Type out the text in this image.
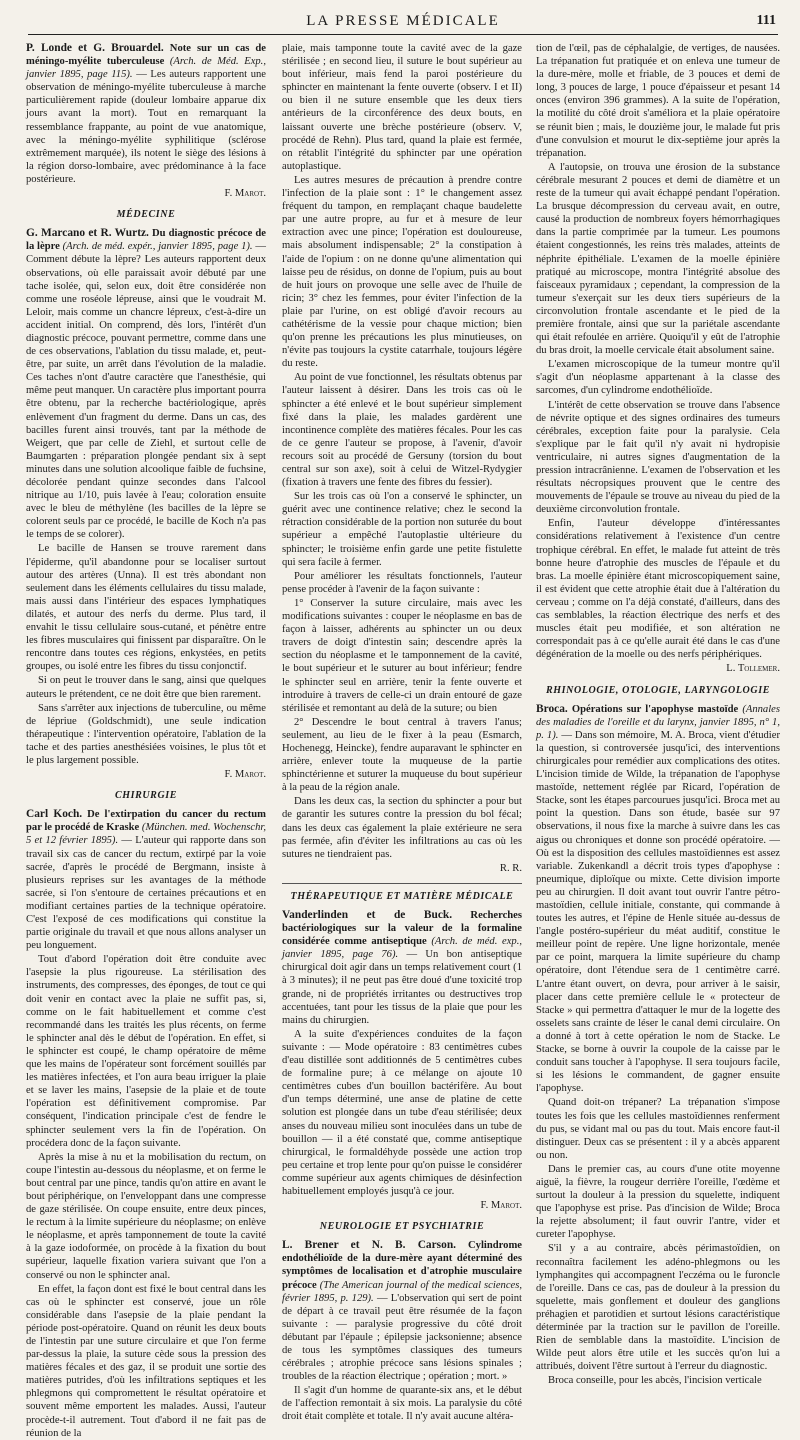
LA PRESSE MÉDICALE	111

P. Londe et G. Brouardel. Note sur un cas de méningo-myélite tuberculeuse (Arch. de Méd. Exp., janvier 1895, page 115). — Les auteurs rapportent une observation de méningo-myélite tuberculeuse à marche particulièrement rapide (douleur lombaire apparue dix jours avant la mort). Tout en remarquant la ressemblance frappante, au point de vue anatomique, avec la méningo-myélite syphilitique (sclérose extrêmement marquée), ils notent le siège des lésions à la région dorso-lombaire, avec prédominance à la face postérieure.

F. Marot.
MÉDECINE

G. Marcano et R. Wurtz. Du diagnostic précoce de la lèpre (Arch. de méd. expér., janvier 1895, page 1). — Comment débute la lèpre? Les auteurs rapportent deux observations, où elle paraissait avoir débuté par une tache isolée, qui, selon eux, doit être considérée non comme une roséole lépreuse, ainsi que le voudrait M. Leloir, mais comme un chancre lépreux, c'est-à-dire un accident initial. On comprend, dès lors, l'intérêt d'un diagnostic précoce, pouvant permettre, comme dans une de ces observations, l'ablation du tissu malade, et, peut-être, par suite, un arrêt dans l'évolution de la maladie. Ces taches n'ont d'autre caractère que l'anesthésie, qui même peut manquer. Un caractère plus important pourra être obtenu, par la recherche bactériologique, après enlèvement d'un fragment du derme. Dans un cas, des bacilles furent ainsi trouvés, tant par la méthode de Weigert, que par celle de Ziehl, et surtout celle de Baumgarten : préparation plongée pendant six à sept minutes dans une solution alcoolique faible de fuchsine, décolorée pendant quinze secondes dans l'alcool nitrique au 1/10, puis lavée à l'eau; coloration ensuite avec le bleu de méthylène (les bacilles de la lèpre se colorent seuls par ce procédé, le bacille de Koch n'a pas le temps de se colorer).

Le bacille de Hansen se trouve rarement dans l'épiderme, qu'il abandonne pour se localiser surtout autour des artères (Unna). Il est très abondant non seulement dans les éléments cellulaires du tissu malade, mais aussi dans l'intérieur des espaces lymphatiques dilatés, et autour des nerfs du derme. Plus tard, il envahit le tissu cellulaire sous-cutané, et pénètre entre les fibres musculaires qui finissent par disparaître. On le rencontre dans toutes ces régions, enkystées, en petits groupes, ou isolé entre les fibres du tissu conjonctif.

Si on peut le trouver dans le sang, ainsi que quelques auteurs le prétendent, ce ne doit être que bien rarement.

Sans s'arrêter aux injections de tuberculine, ou même de lépriue (Goldschmidt), une seule indication thérapeutique : l'intervention opératoire, l'ablation de la tache et des parties anesthésiées voisines, le plus tôt et le plus largement possible.

F. Marot.
CHIRURGIE

Carl Koch. De l'extirpation du cancer du rectum par le procédé de Kraske (München. med. Wochenschr, 5 et 12 février 1895). — L'auteur qui rapporte dans son travail six cas de cancer du rectum, extirpé par la voie sacrée, d'après le procédé de Bergmann, insiste à plusieurs reprises sur les avantages de la méthode sacrée, si l'on s'entoure de certaines précautions et en modifiant certaines parties de la technique opératoire. C'est l'exposé de ces modifications qui constitue la partie originale du travail et que nous allons analyser un peu longuement.

Tout d'abord l'opération doit être conduite avec l'asepsie la plus rigoureuse. La stérilisation des instruments, des compresses, des éponges, de tout ce qui doit venir en contact avec la plaie ne suffit pas, si, comme on le fait habituellement et comme c'est recommandé dans les traités les plus récents, on ferme le sphincter anal dès le début de l'opération. En effet, si le sphincter est coupé, le champ opératoire de même que les mains de l'opérateur sont forcément souillés par les matières infectées, et l'on aura beau irriguer la plaie et se laver les mains, l'asepsie de la plaie et de toute l'opération est définitivement compromise. Par conséquent, l'indication principale c'est de fendre le sphincter seulement vers la fin de l'opération. On procédera donc de la façon suivante.

Après la mise à nu et la mobilisation du rectum, on coupe l'intestin au-dessous du néoplasme, et on ferme le bout central par une pince, tandis qu'on attire en avant le bout périphérique, on l'enveloppant dans une compresse de gaze stérilisée. On coupe ensuite, entre deux pinces, le rectum à la limite supérieure du néoplasme; on enlève le néoplasme, et après tamponnement de toute la cavité à la gaze iodoformée, on procède à la fixation du bout supérieur, laquelle fixation variera suivant que l'on a conservé ou non le sphincter anal.

En effet, la façon dont est fixé le bout central dans les cas où le sphincter est conservé, joue un rôle considérable dans l'asepsie de la plaie pendant la période post-opératoire. Quand on réunit les deux bouts de l'intestin par une suture circulaire et que l'on ferme par-dessus la plaie, la suture cède sous la pression des matières fécales et des gaz, il se produit une sortie des matières putrides, d'où les infiltrations septiques et les phlegmons qui compromettent le résultat opératoire et souvent même emportent les malades. Aussi, l'auteur procède-t-il autrement. Tout d'abord il ne fait pas de réunion de la

plaie, mais tamponne toute la cavité avec de la gaze stérilisée ; en second lieu, il suture le bout supérieur au bout inférieur, mais fend la paroi postérieure du sphincter en maintenant la fente ouverte (observ. I et II) ou bien il ne suture ensemble que les deux tiers antérieurs de la circonférence des deux bouts, en laissant ouverte une brèche postérieure (observ. V, procédé de Rehn). Plus tard, quand la plaie est fermée, on rétablit l'intégrité du sphincter par une opération autoplastique.

Les autres mesures de précaution à prendre contre l'infection de la plaie sont : 1° le changement assez fréquent du tampon, en remplaçant chaque baudelette par une autre propre, au fur et à mesure de leur extraction avec une pince; l'opération est douloureuse, mais absolument indispensable; 2° la constipation à l'aide de l'opium : on ne donne qu'une alimentation qui laisse peu de résidus, on donne de l'opium, puis au bout de huit jours on provoque une selle avec de l'huile de ricin; 3° chez les femmes, pour éviter l'infection de la plaie par l'urine, on est obligé d'avoir recours au cathétérisme de la vessie pour chaque miction; bien qu'on prenne les précautions les plus minutieuses, on n'évite pas toujours la cystite catarrhale, toujours légère du reste.

Au point de vue fonctionnel, les résultats obtenus par l'auteur laissent à désirer. Dans les trois cas où le sphincter a été enlevé et le bout supérieur simplement fixé dans la plaie, les malades gardèrent une incontinence complète des matières fécales. Pour les cas de ce genre l'auteur se propose, à l'avenir, d'avoir recours soit au procédé de Gersuny (torsion du bout central sur son axe), soit à celui de Witzel-Rydygier (fixation à travers une fente des fibres du fessier).

Sur les trois cas où l'on a conservé le sphincter, un guérit avec une continence relative; chez le second la rétraction considérable de la portion non suturée du bout supérieur a empêché l'autoplastie ultérieure du sphincter; le troisième enfin garde une petite fistulette qui sera facile à fermer.

Pour améliorer les résultats fonctionnels, l'auteur pense procéder à l'avenir de la façon suivante :

1° Conserver la suture circulaire, mais avec les modifications suivantes : couper le néoplasme en bas de façon à laisser, adhérents au sphincter un ou deux travers de doigt d'intestin sain; descendre après la section du néoplasme et le tamponnement de la cavité, le bout supérieur et le suturer au bout inférieur; fendre le sphincter seul en arrière, tenir la fente ouverte et introduire à travers de celle-ci un drain entouré de gaze stérilisée et remontant au delà de la suture; ou bien

2° Descendre le bout central à travers l'anus; seulement, au lieu de le fixer à la peau (Esmarch, Hochenegg, Heincke), fendre auparavant le sphincter en arrière, enlever toute la muqueuse de la partie sphinctérienne et suturer la muqueuse du bout supérieur à la peau de la région anale.

Dans les deux cas, la section du sphincter a pour but de garantir les sutures contre la pression du bol fécal; dans les deux cas également la plaie extérieure ne sera pas fermée, afin d'éviter les infiltrations au cas où les sutures ne tiendraient pas.

R. R.
THÉRAPEUTIQUE ET MATIÈRE MÉDICALE

Vanderlinden et de Buck. Recherches bactériologiques sur la valeur de la formaline considérée comme antiseptique (Arch. de méd. exp., janvier 1895, page 76). — Un bon antiseptique chirurgical doit agir dans un temps relativement court (1 à 3 minutes); il ne peut pas être doué d'une toxicité trop grande, ni de propriétés irritantes ou destructives trop accentuées, tant pour les tissus de la plaie que pour les mains du chirurgien.

A la suite d'expériences conduites de la façon suivante : — Mode opératoire : 83 centimètres cubes d'eau distillée sont additionnés de 5 centimètres cubes de formaline pure; à ce mélange on ajoute 10 centimètres cubes d'un bouillon bactérifère. Au bout d'un temps déterminé, une anse de platine de cette solution est plongée dans un tube d'eau stérilisée; deux anses du nouveau milieu sont inoculées dans un tube de bouillon — il a été constaté que, comme antiseptique chirurgical, le formaldéhyde possède une action trop peu certaine et trop lente pour qu'on puisse le considérer comme supérieur aux agents chimiques de désinfection habituellement employés jusqu'à ce jour.

F. Marot.
NEUROLOGIE ET PSYCHIATRIE

L. Brener et N. B. Carson. Cylindrome endothélioïde de la dure-mère ayant déterminé des symptômes de localisation et d'atrophie musculaire précoce (The American journal of the medical sciences, février 1895, p. 129). — L'observation qui sert de point de départ à ce travail peut être résumée de la façon suivante : — paralysie progressive du côté droit débutant par l'épaule ; épilepsie jacksonienne; absence de tous les symptômes classiques des tumeurs cérébrales ; atrophie précoce sans lésions spinales ; troubles de la réaction électrique ; opération ; mort. »

Il s'agit d'un homme de quarante-six ans, et le début de l'affection remontait à six mois. La paralysie du côté droit était complète et totale. Il n'y avait aucune altéra-

tion de l'œil, pas de céphalalgie, de vertiges, de nausées. La trépanation fut pratiquée et on enleva une tumeur de la dure-mère, molle et friable, de 3 pouces et demi de long, 3 pouces de large, 1 pouce d'épaisseur et pesant 14 onces (environ 396 grammes). A la suite de l'opération, la motilité du côté droit s'améliora et la plaie opératoire se réunit bien ; mais, le douzième jour, le malade fut pris d'une convulsion et mourut le dix-septième jour après la trépanation.

A l'autopsie, on trouva une érosion de la substance cérébrale mesurant 2 pouces et demi de diamètre et un reste de la tumeur qui avait échappé pendant l'opération. La brusque décompression du cerveau avait, en outre, causé la production de nombreux foyers hémorrhagiques dans la partie comprimée par la tumeur. Les poumons étaient congestionnés, les reins très malades, atteints de néphrite épithéliale. L'examen de la moelle épinière pratiqué au microscope, montra l'intégrité absolue des faisceaux pyramidaux ; cependant, la compression de la tumeur s'exerçait sur les deux tiers supérieurs de la circonvolution frontale ascendante et le pied de la première frontale, ainsi que sur la pariétale ascendante qui était refoulée en arrière. Quoiqu'il y eût de l'atrophie du bras droit, la moelle cervicale était absolument saine.

L'examen microscopique de la tumeur montre qu'il s'agit d'un néoplasme appartenant à la classe des sarcomes, d'un cylindrome endothélioïde.

L'intérêt de cette observation se trouve dans l'absence de névrite optique et des signes ordinaires des tumeurs cérébrales, exception faite pour la paralysie. Cela s'explique par le fait qu'il n'y avait ni hydropisie ventriculaire, ni autres signes d'augmentation de la pression intracrânienne. L'examen de l'observation et les résultats nécropsiques prouvent que le centre des mouvements de l'épaule se trouve au niveau du pied de la deuxième circonvolution frontale.

Enfin, l'auteur développe d'intéressantes considérations relativement à l'existence d'un centre trophique cérébral. En effet, le malade fut atteint de très bonne heure d'atrophie des muscles de l'épaule et du bras. La moelle épinière étant microscopiquement saine, il est évident que cette atrophie était due à l'altération du cerveau ; comme on l'a déjà constaté, d'ailleurs, dans des cas semblables, la réaction électrique des nerfs et des muscles était peu modifiée, et son altération ne correspondait pas à ce qu'elle aurait été dans le cas d'une dégénération de la moelle ou des nerfs périphériques.

L. Tollemer.
RHINOLOGIE, OTOLOGIE, LARYNGOLOGIE

Broca. Opérations sur l'apophyse mastoïde (Annales des maladies de l'oreille et du larynx, janvier 1895, n° 1, p. 1). — Dans son mémoire, M. A. Broca, vient d'étudier la question, si controversée jusqu'ici, des interventions chirurgicales pour remédier aux complications des otites. L'incision timide de Wilde, la trépanation de l'apophyse mastoïde, nettement réglée par Ricard, l'opération de Stacke, sont les étapes parcourues jusqu'ici. Broca met au point la question. Dans son étude, basée sur 97 observations, il nous fixe la marche à suivre dans les cas aigus ou chroniques et donne son procédé opératoire. — Où est la disposition des cellules mastoïdiennes est assez variable. Zukenkandl a décrit trois types d'apophyse : pneumique, diploïque ou mixte. Cette division importe peu au chirurgien. Il doit avant tout ouvrir l'antre pétro-mastoïdien, cellule initiale, constante, qui commande à toutes les autres, et l'épine de Henle située au-dessus de l'angle postéro-supérieur du méat auditif, constitue le meilleur point de repère. Une ligne horizontale, menée par ce point, marquera la limite supérieure du champ opératoire, dont l'étendue sera de 1 centimètre carré. L'antre étant ouvert, on devra, pour arriver à le saisir, placer dans cette première cellule le « protecteur de Stacke » qui permettra d'attaquer le mur de la logette des osselets sans crainte de léser le canal demi circulaire. On a donné à tort à cette opération le nom de Stacke. Le Stacke, se borne à ouvrir la coupole de la caisse par le conduit sans toucher à l'apophyse. Il sera toujours facile, si les lésions le commandent, de gagner ensuite l'apophyse.

Quand doit-on trépaner? La trépanation s'impose toutes les fois que les cellules mastoïdiennes renferment du pus, se vidant mal ou pas du tout. Mais encore faut-il distinguer. Deux cas se présentent : il y a abcès apparent ou non.

Dans le premier cas, au cours d'une otite moyenne aiguë, la fièvre, la rougeur derrière l'oreille, l'œdème et surtout la douleur à la pression du squelette, indiquent que l'apophyse est prise. Pas d'incision de Wilde; Broca la rejette absolument; il faut ouvrir l'antre, vider et cureter l'apophyse.

S'il y a au contraire, abcès périmastoïdien, on reconnaîtra facilement les adéno-phlegmons ou les lymphangites qui accompagnent l'eczéma ou le furoncle de l'oreille. Dans ce cas, pas de douleur à la pression du squelette, mais gonflement et douleur des ganglions préhagien et parotidien et surtout lésions caractéristique déterminée par la traction sur le pavillon de l'oreille. Rien de semblable dans la mastoïdite. L'incision de Wilde peut alors être utile et les succès qu'on lui a attribués, doivent l'être surtout à l'erreur du diagnostic.

Broca conseille, pour les abcès, l'incision verticale
